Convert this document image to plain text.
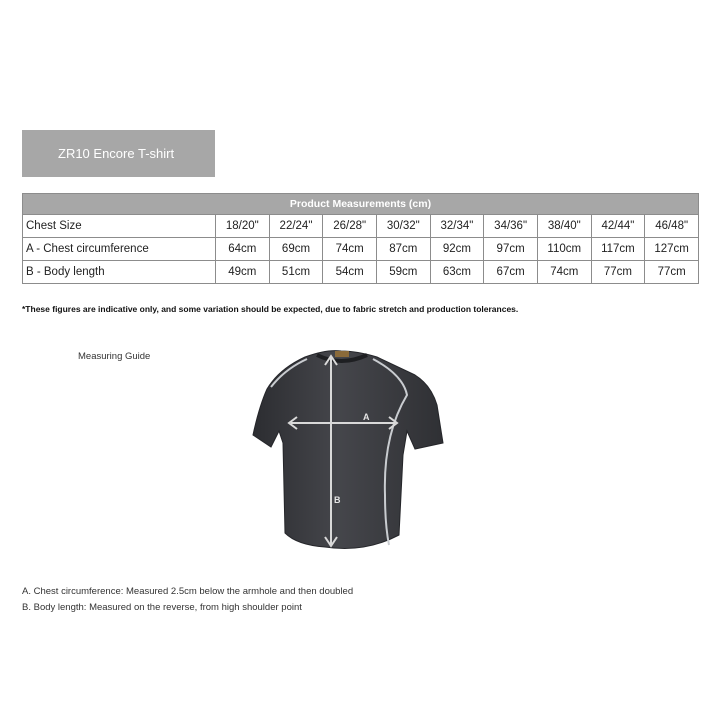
ZR10 Encore T-shirt
Product Measurements (cm)									
Chest Size	18/20"	22/24"	26/28"	30/32"	32/34"	34/36"	38/40"	42/44"	46/48"
A - Chest circumference	64cm	69cm	74cm	87cm	92cm	97cm	110cm	117cm	127cm
B - Body length	49cm	51cm	54cm	59cm	63cm	67cm	74cm	77cm	77cm
*These figures are indicative only, and some variation should be expected, due to fabric stretch and production tolerances.
Measuring Guide
A
B
A. Chest circumference: Measured 2.5cm below the armhole and then doubled
B. Body length: Measured on the reverse, from high shoulder point
